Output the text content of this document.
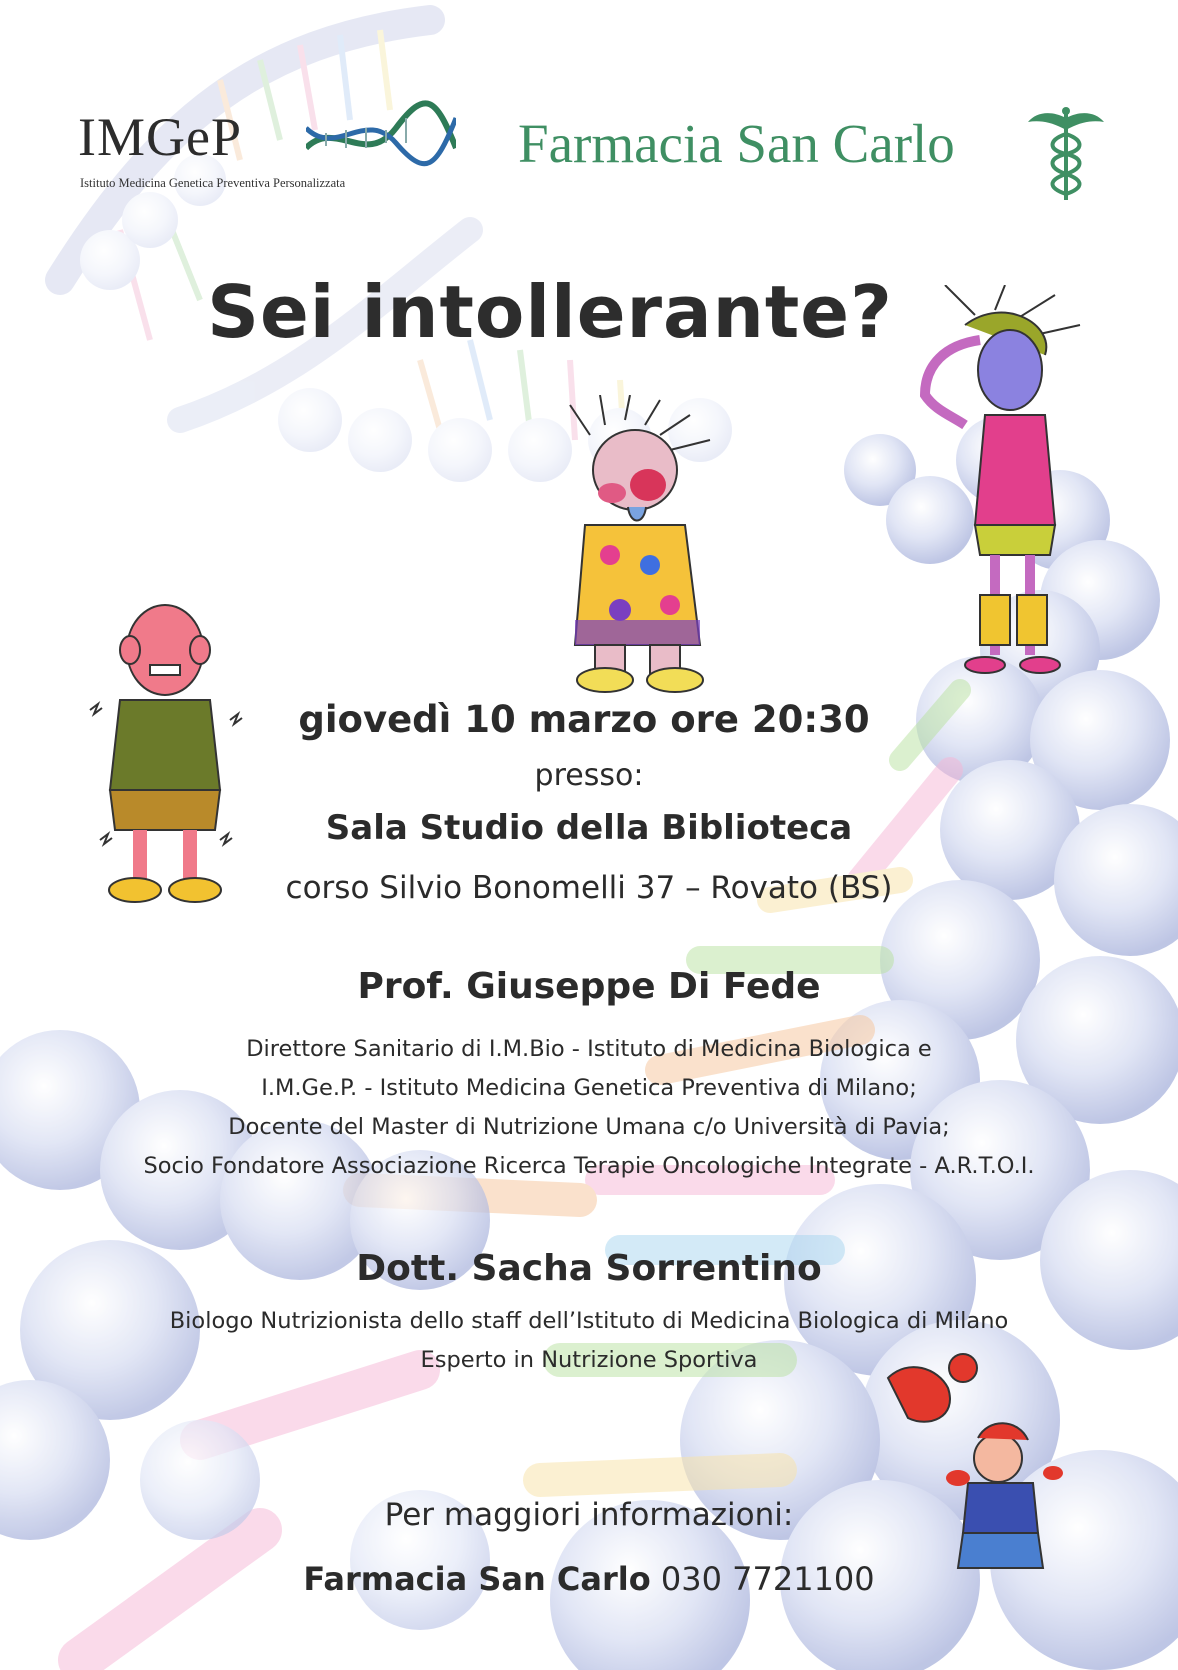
IMGeP
Istituto Medicina Genetica Preventiva Personalizzata
Farmacia San Carlo
Sei intollerante?
giovedì 10 marzo ore 20:30
presso:
Sala Studio della Biblioteca
corso Silvio Bonomelli 37 – Rovato (BS)
Prof. Giuseppe Di Fede
Direttore Sanitario di I.M.Bio - Istituto di Medicina Biologica e
I.M.Ge.P. - Istituto Medicina Genetica Preventiva di Milano;
Docente del Master di Nutrizione Umana c/o Università di Pavia;
Socio Fondatore Associazione Ricerca Terapie Oncologiche Integrate - A.R.T.O.I.
Dott. Sacha Sorrentino
Biologo Nutrizionista dello staff dell’Istituto di Medicina Biologica di Milano
Esperto in Nutrizione Sportiva
Per maggiori informazioni:
Farmacia San Carlo 030 7721100
